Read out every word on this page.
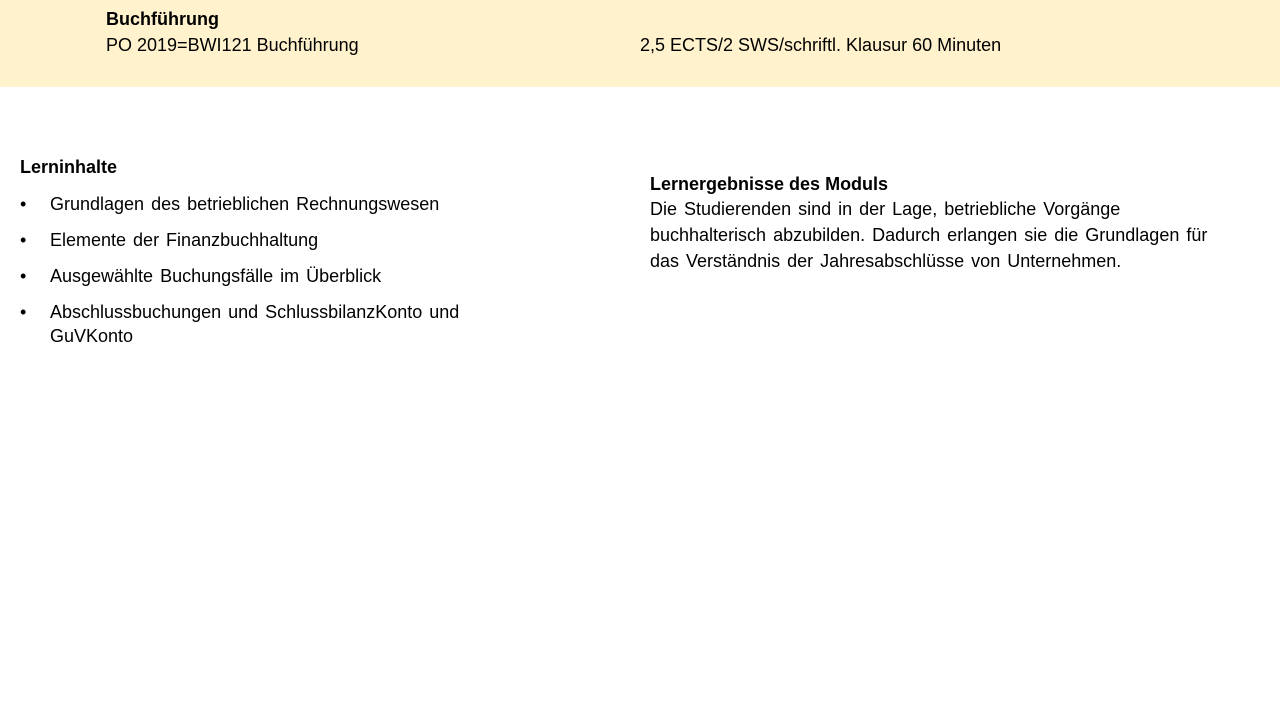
Buchführung
PO 2019=BWI121 Buchführung	2,5 ECTS/2 SWS/schriftl. Klausur 60 Minuten
Lerninhalte
• Grundlagen des betrieblichen Rechnungswesen
• Elemente der Finanzbuchhaltung
• Ausgewählte Buchungsfälle im Überblick
• Abschlussbuchungen und SchlussbilanzKonto und GuVKonto
Lernergebnisse des Moduls

Die Studierenden sind in der Lage, betriebliche Vorgänge buchhalterisch abzubilden. Dadurch erlangen sie die Grundlagen für das Verständnis der Jahresabschlüsse von Unternehmen.
